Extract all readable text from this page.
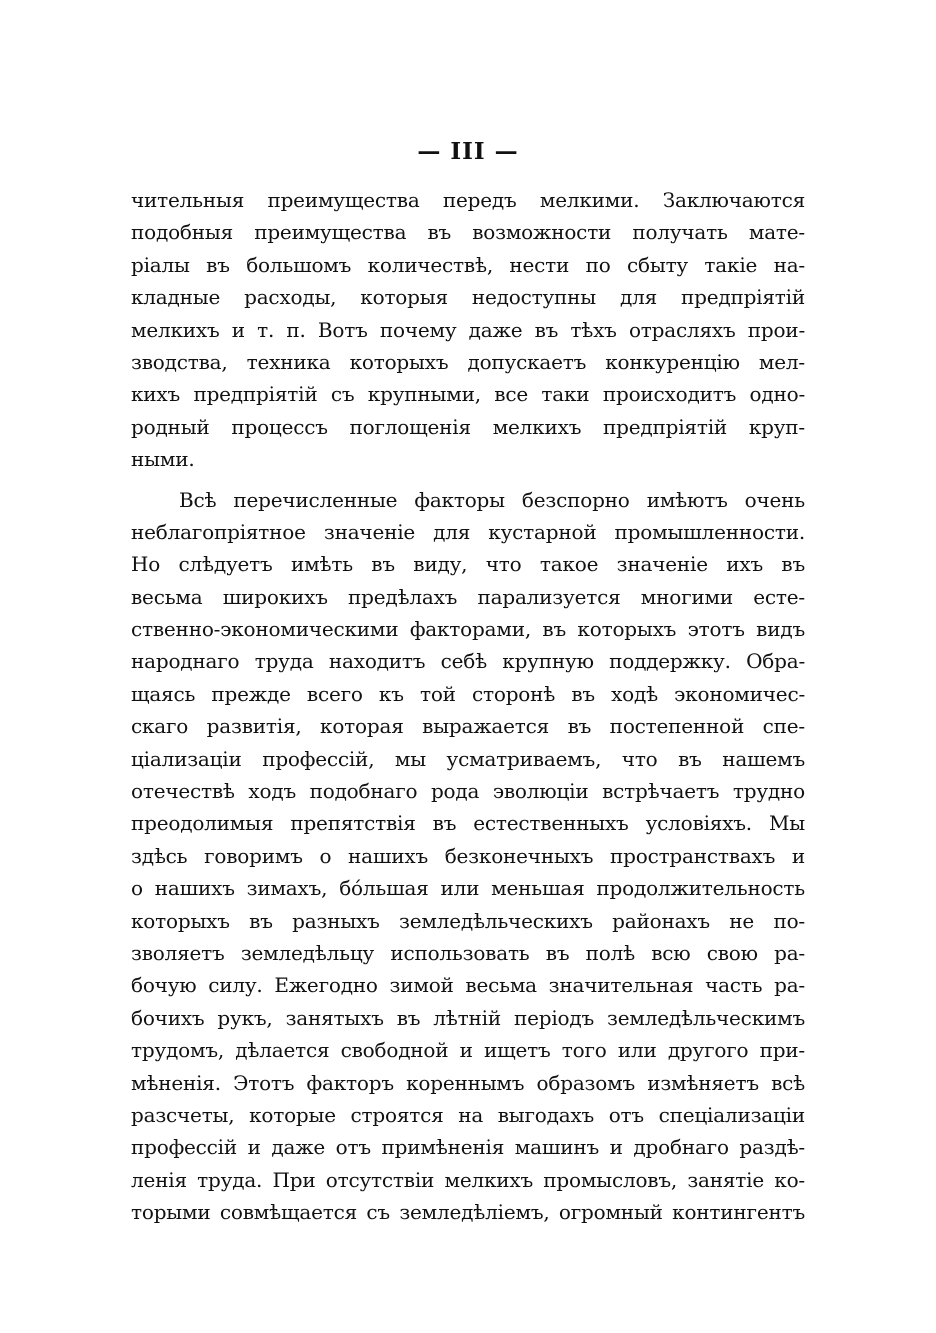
— III —
чительныя преимущества передъ мелкими. Заключаются
подобныя преимущества въ возможности получать мате-
ріалы въ большомъ количествѣ, нести по сбыту такіе на-
кладные расходы, которыя недоступны для предпріятій
мелкихъ и т. п. Вотъ почему даже въ тѣхъ отрасляхъ прои-
зводства, техника которыхъ допускаетъ конкуренцію мел-
кихъ предпріятій съ крупными, все таки происходитъ одно-
родный процессъ поглощенія мелкихъ предпріятій круп-
ными.
Всѣ перечисленные факторы безспорно имѣютъ очень
неблагопріятное значеніе для кустарной промышленности.
Но слѣдуетъ имѣть въ виду, что такое значеніе ихъ въ
весьма широкихъ предѣлахъ парализуется многими есте-
ственно-экономическими факторами, въ которыхъ этотъ видъ
народнаго труда находитъ себѣ крупную поддержку. Обра-
щаясь прежде всего къ той сторонѣ въ ходѣ экономичес-
скаго развитія, которая выражается въ постепенной спе-
ціализаціи профессій, мы усматриваемъ, что въ нашемъ
отечествѣ ходъ подобнаго рода эволюціи встрѣчаетъ трудно
преодолимыя препятствія въ естественныхъ условіяхъ. Мы
здѣсь говоримъ о нашихъ безконечныхъ пространствахъ и
о нашихъ зимахъ, бо́льшая или меньшая продолжительность
которыхъ въ разныхъ земледѣльческихъ районахъ не по-
зволяетъ земледѣльцу использовать въ полѣ всю свою ра-
бочую силу. Ежегодно зимой весьма значительная часть ра-
бочихъ рукъ, занятыхъ въ лѣтній періодъ земледѣльческимъ
трудомъ, дѣлается свободной и ищетъ того или другого при-
мѣненія. Этотъ факторъ кореннымъ образомъ измѣняетъ всѣ
разсчеты, которые строятся на выгодахъ отъ спеціализаціи
профессій и даже отъ примѣненія машинъ и дробнаго раздѣ-
ленія труда. При отсутствіи мелкихъ промысловъ, занятіе ко-
торыми совмѣщается съ земледѣліемъ, огромный контингентъ
